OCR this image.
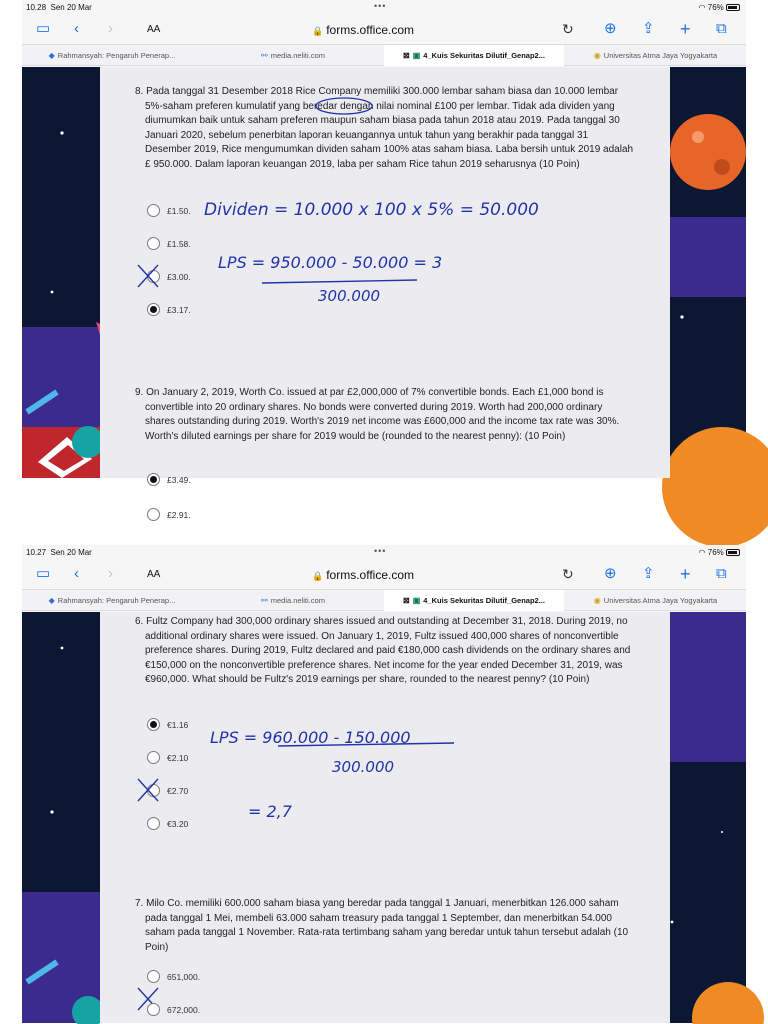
10.28 Sen 20 Mar	•••	◠ 76%
▭ ‹ ›	AA	🔒 forms.office.com	↻ ⊕ ⇪ + ⧉
◆ Rahmansyah: Pengaruh Penerap...	⚯ media.neliti.com	⊠ ▣ 4_Kuis Sekuritas Dilutif_Genap2...	◉ Universitas Atma Jaya Yogyakarta
8. Pada tanggal 31 Desember 2018 Rice Company memiliki 300.000 lembar saham biasa dan 10.000 lembar 5%-saham preferen kumulatif yang beredar dengan nilai nominal £100 per lembar. Tidak ada dividen yang diumumkan baik untuk saham preferen maupun saham biasa pada tahun 2018 atau 2019. Pada tanggal 30 Januari 2020, sebelum penerbitan laporan keuangannya untuk tahun yang berakhir pada tanggal 31 Desember 2019, Rice mengumumkan dividen saham 100% atas saham biasa. Laba bersih untuk 2019 adalah £ 950.000. Dalam laporan keuangan 2019, laba per saham Rice tahun 2019 seharusnya (10 Poin)
£1.50.
£1.58.
£3.00.
£3.17.
Dividen = 10.000 x 100 x 5% = 50.000
LPS = 950.000 - 50.000 = 3
300.000
9. On January 2, 2019, Worth Co. issued at par £2,000,000 of 7% convertible bonds. Each £1,000 bond is convertible into 20 ordinary shares. No bonds were converted during 2019. Worth had 200,000 ordinary shares outstanding during 2019. Worth's 2019 net income was £600,000 and the income tax rate was 30%. Worth's diluted earnings per share for 2019 would be (rounded to the nearest penny): (10 Poin)
£3.49.
10.27 Sen 20 Mar	•••	◠ 76%
▭ ‹ ›	AA	🔒 forms.office.com	↻ ⊕ ⇪ + ⧉
◆ Rahmansyah: Pengaruh Penerap...	⚯ media.neliti.com	⊠ ▣ 4_Kuis Sekuritas Dilutif_Genap2...	◉ Universitas Atma Jaya Yogyakarta
6. Fultz Company had 300,000 ordinary shares issued and outstanding at December 31, 2018. During 2019, no additional ordinary shares were issued. On January 1, 2019, Fultz issued 400,000 shares of nonconvertible preference shares. During 2019, Fultz declared and paid €180,000 cash dividends on the ordinary shares and €150,000 on the nonconvertible preference shares. Net income for the year ended December 31, 2019, was €960,000. What should be Fultz's 2019 earnings per share, rounded to the nearest penny? (10 Poin)
€1.16
€2.10
€2.70
€3.20
LPS = 960.000 - 150.000
300.000
= 2,7
7. Milo Co. memiliki 600.000 saham biasa yang beredar pada tanggal 1 Januari, menerbitkan 126.000 saham pada tanggal 1 Mei, membeli 63.000 saham treasury pada tanggal 1 September, dan menerbitkan 54.000 saham pada tanggal 1 November. Rata-rata tertimbang saham yang beredar untuk tahun tersebut adalah (10 Poin)
651,000.
672,000.
£2.91.
